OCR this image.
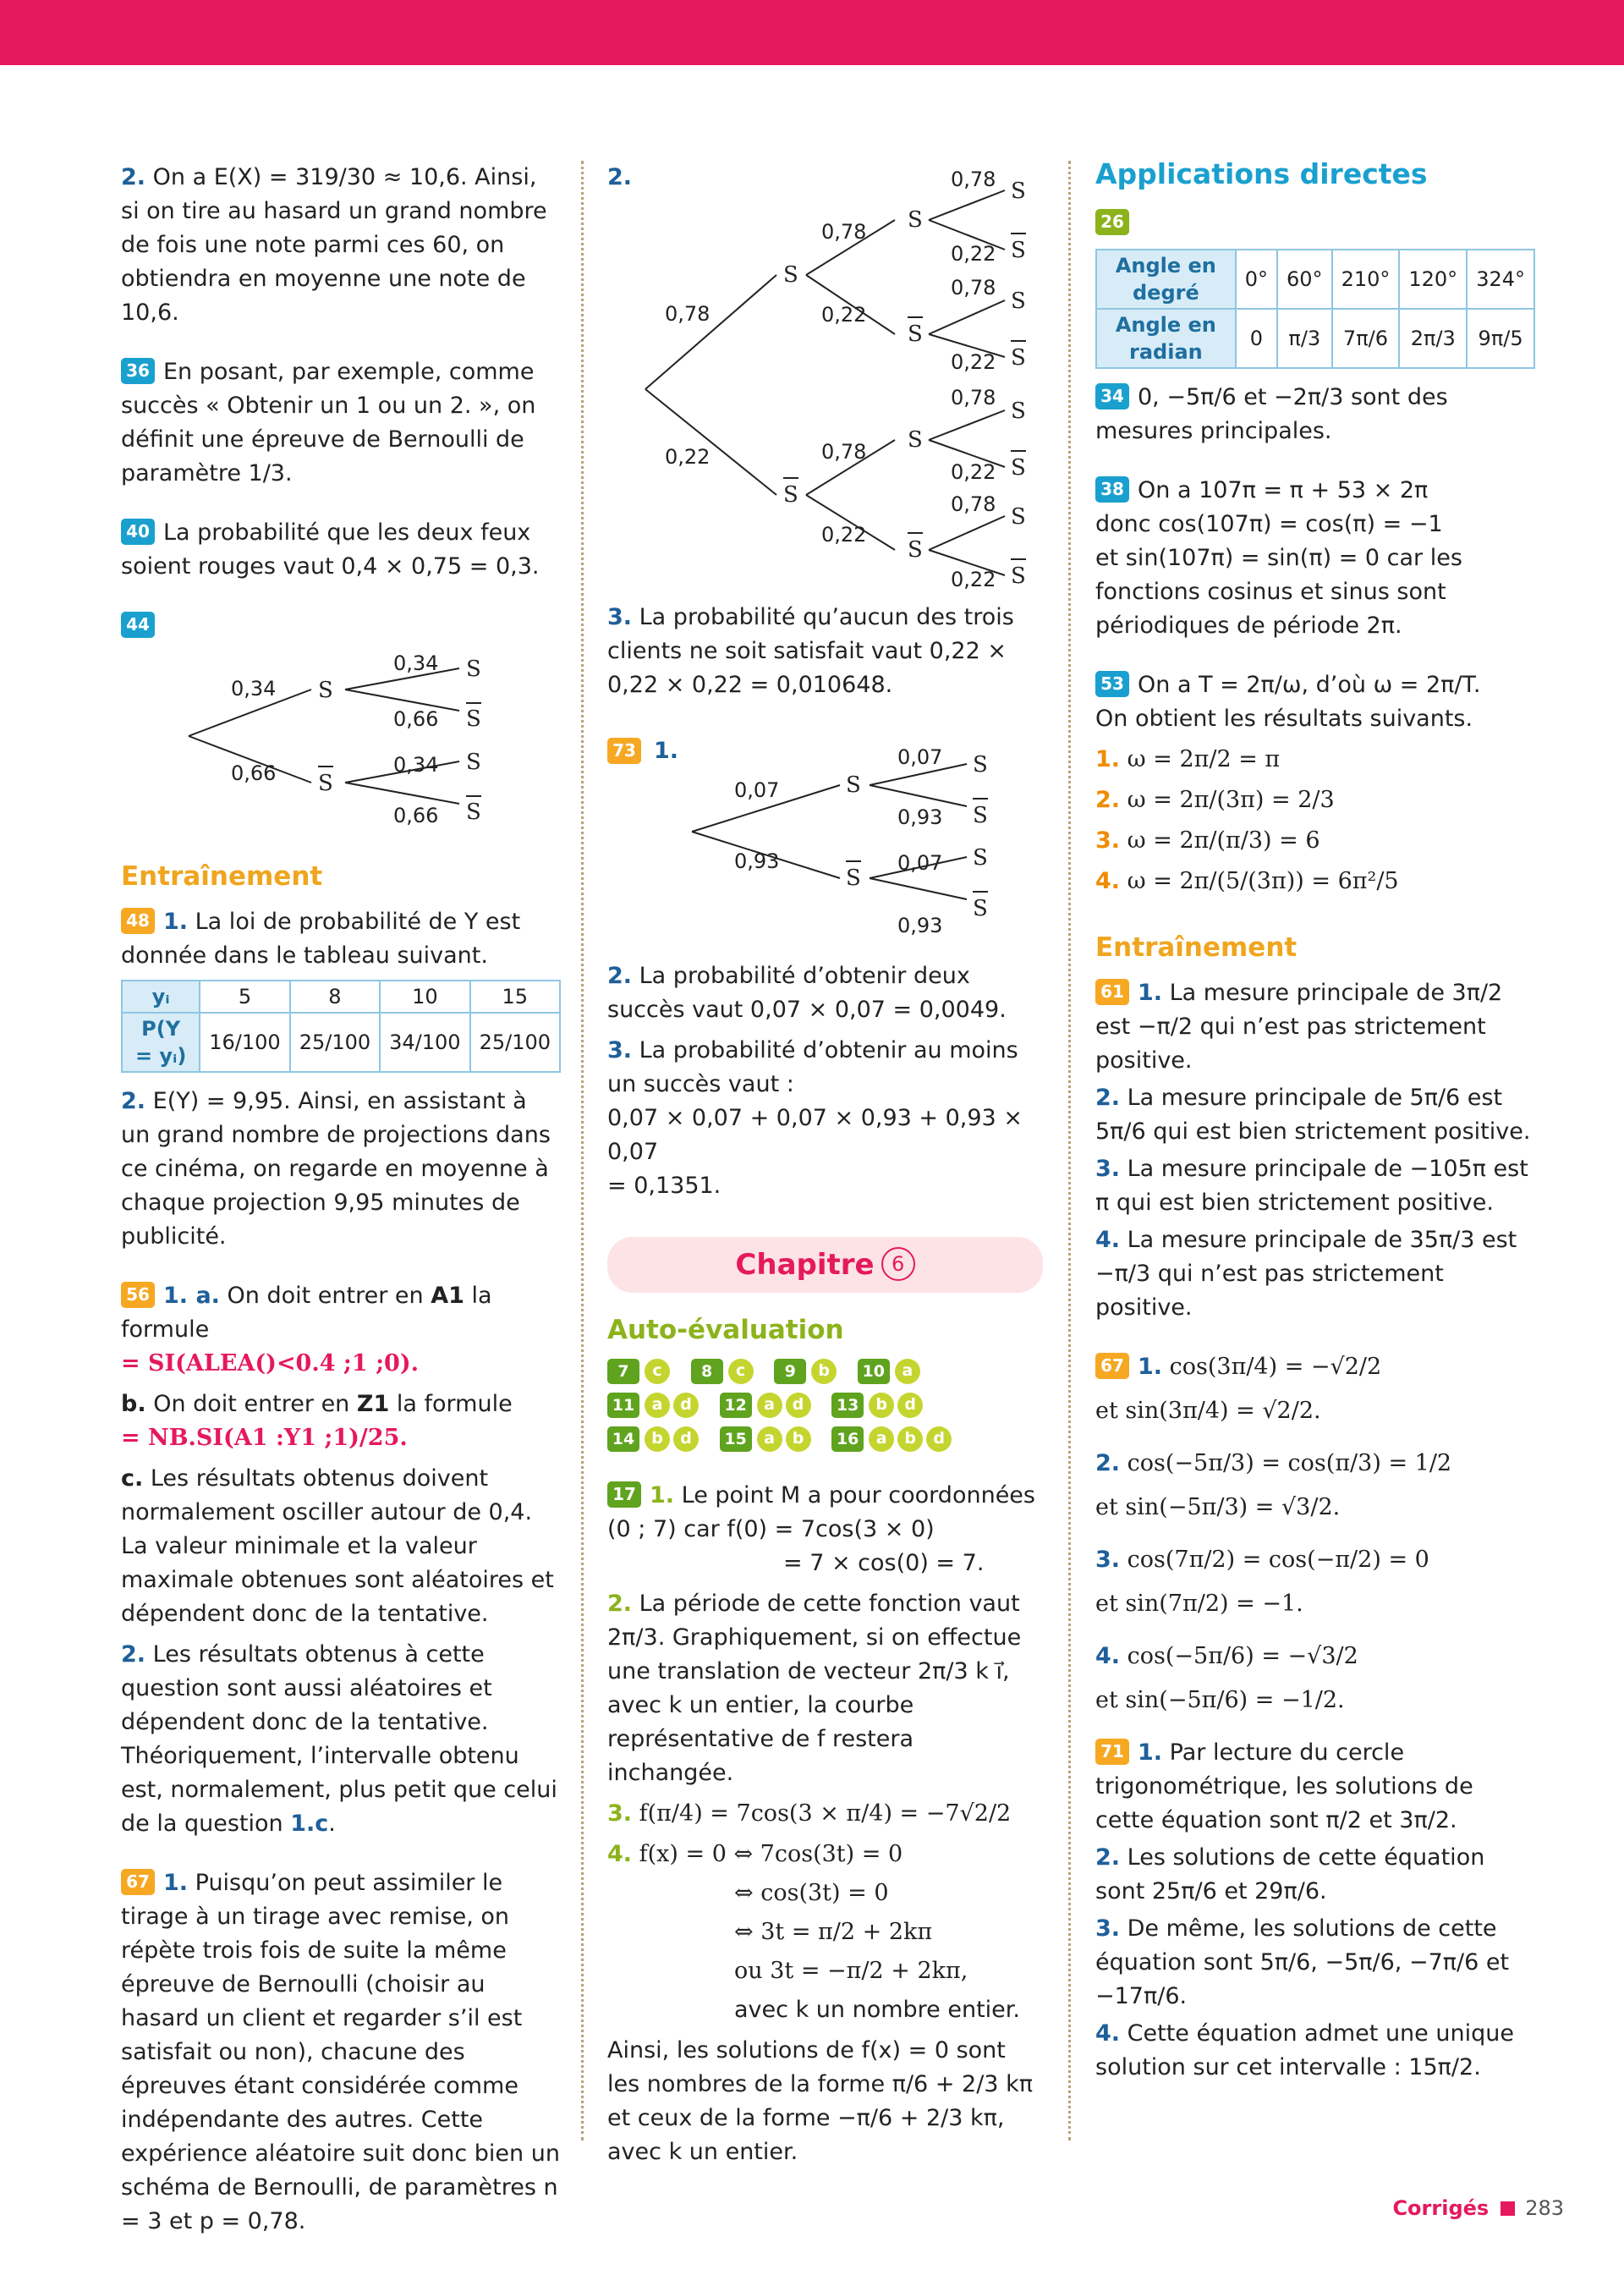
2. On a E(X) = 319/30 ≈ 10,6. Ainsi, si on tire au hasard un grand nombre de fois une note parmi ces 60, on obtiendra en moyenne une note de 10,6.

36 En posant, par exemple, comme succès « Obtenir un 1 ou un 2. », on définit une épreuve de Bernoulli de paramètre 1/3.

40 La probabilité que les deux feux soient rouges vaut 0,4 × 0,75 = 0,3.

44
0,34
0,66
S
S
0,34
0,66
0,34
0,66
S
S
S
S
Entraînement

48 1. La loi de probabilité de Y est donnée dans le tableau suivant.

yᵢ	5	8	10	15
P(Y = yᵢ)	16/100	25/100	34/100	25/100

2. E(Y) = 9,95. Ainsi, en assistant à un grand nombre de projections dans ce cinéma, on regarde en moyenne à chaque projection 9,95 minutes de publicité.

56 1. a. On doit entrer en A1 la formule
= SI(ALEA()<0.4 ;1 ;0).

b. On doit entrer en Z1 la formule
= NB.SI(A1 :Y1 ;1)/25.

c. Les résultats obtenus doivent normalement osciller autour de 0,4. La valeur minimale et la valeur maximale obtenues sont aléatoires et dépendent donc de la tentative.

2. Les résultats obtenus à cette question sont aussi aléatoires et dépendent donc de la tentative. Théoriquement, l’intervalle obtenu est, normalement, plus petit que celui de la question 1.c.

67 1. Puisqu’on peut assimiler le tirage à un tirage avec remise, on répète trois fois de suite la même épreuve de Bernoulli (choisir au hasard un client et regarder s’il est satisfait ou non), chacune des épreuves étant considérée comme indépendante des autres. Cette expérience aléatoire suit donc bien un schéma de Bernoulli, de paramètres n = 3 et p = 0,78.

2.
0,78
0,22
S
S
0,78
0,22
0,78
0,22
S
S
S
S
0,78
0,22
0,78
0,22
0,78
0,22
0,78
0,22
S
S
S
S
S
S
S
S

3. La probabilité qu’aucun des trois clients ne soit satisfait vaut 0,22 × 0,22 × 0,22 = 0,010648.

73 1.
0,07
0,93
S
S
0,07
0,93
0,07
0,93
S
S
S
S

2. La probabilité d’obtenir deux succès vaut 0,07 × 0,07 = 0,0049.

3. La probabilité d’obtenir au moins un succès vaut :

0,07 × 0,07 + 0,07 × 0,93 + 0,93 × 0,07

= 0,1351.

Chapitre 6
Auto-évaluation
7 c 8 c 9 b 10 a
11 a d 12 a d 13 b d
14 b d 15 a b 16 a b d

17 1. Le point M a pour coordonnées (0 ; 7) car f(0) = 7cos(3 × 0)

= 7 × cos(0) = 7.

2. La période de cette fonction vaut 2π/3. Graphiquement, si on effectue une translation de vecteur 2π/3 k i⃗, avec k un entier, la courbe représentative de f restera inchangée.

3. f(π/4) = 7cos(3 × π/4) = −7√2/2

4. f(x) = 0 ⇔ 7cos(3t) = 0

⇔ cos(3t) = 0

⇔ 3t = π/2 + 2kπ

ou 3t = −π/2 + 2kπ,

avec k un nombre entier.

Ainsi, les solutions de f(x) = 0 sont les nombres de la forme π/6 + 2/3 kπ et ceux de la forme −π/6 + 2/3 kπ, avec k un entier.

Applications directes
26
Angle en degré	0°	60°	210°	120°	324°
Angle en radian	0	π/3	7π/6	2π/3	9π/5

34 0, −5π/6 et −2π/3 sont des mesures principales.

38 On a 107π = π + 53 × 2π

donc cos(107π) = cos(π) = −1

et sin(107π) = sin(π) = 0 car les fonctions cosinus et sinus sont périodiques de période 2π.

53 On a T = 2π/ω, d’où ω = 2π/T.

On obtient les résultats suivants.

1. ω = 2π/2 = π

2. ω = 2π/(3π) = 2/3

3. ω = 2π/(π/3) = 6

4. ω = 2π/(5/(3π)) = 6π²/5

Entraînement

61 1. La mesure principale de 3π/2 est −π/2 qui n’est pas strictement positive.

2. La mesure principale de 5π/6 est 5π/6 qui est bien strictement positive.

3. La mesure principale de −105π est π qui est bien strictement positive.

4. La mesure principale de 35π/3 est −π/3 qui n’est pas strictement positive.

67 1. cos(3π/4) = −√2/2

et sin(3π/4) = √2/2.

2. cos(−5π/3) = cos(π/3) = 1/2

et sin(−5π/3) = √3/2.

3. cos(7π/2) = cos(−π/2) = 0

et sin(7π/2) = −1.

4. cos(−5π/6) = −√3/2

et sin(−5π/6) = −1/2.

71 1. Par lecture du cercle trigonométrique, les solutions de cette équation sont π/2 et 3π/2.

2. Les solutions de cette équation sont 25π/6 et 29π/6.

3. De même, les solutions de cette équation sont 5π/6, −5π/6, −7π/6 et −17π/6.

4. Cette équation admet une unique solution sur cet intervalle : 15π/2.

Corrigés 283
